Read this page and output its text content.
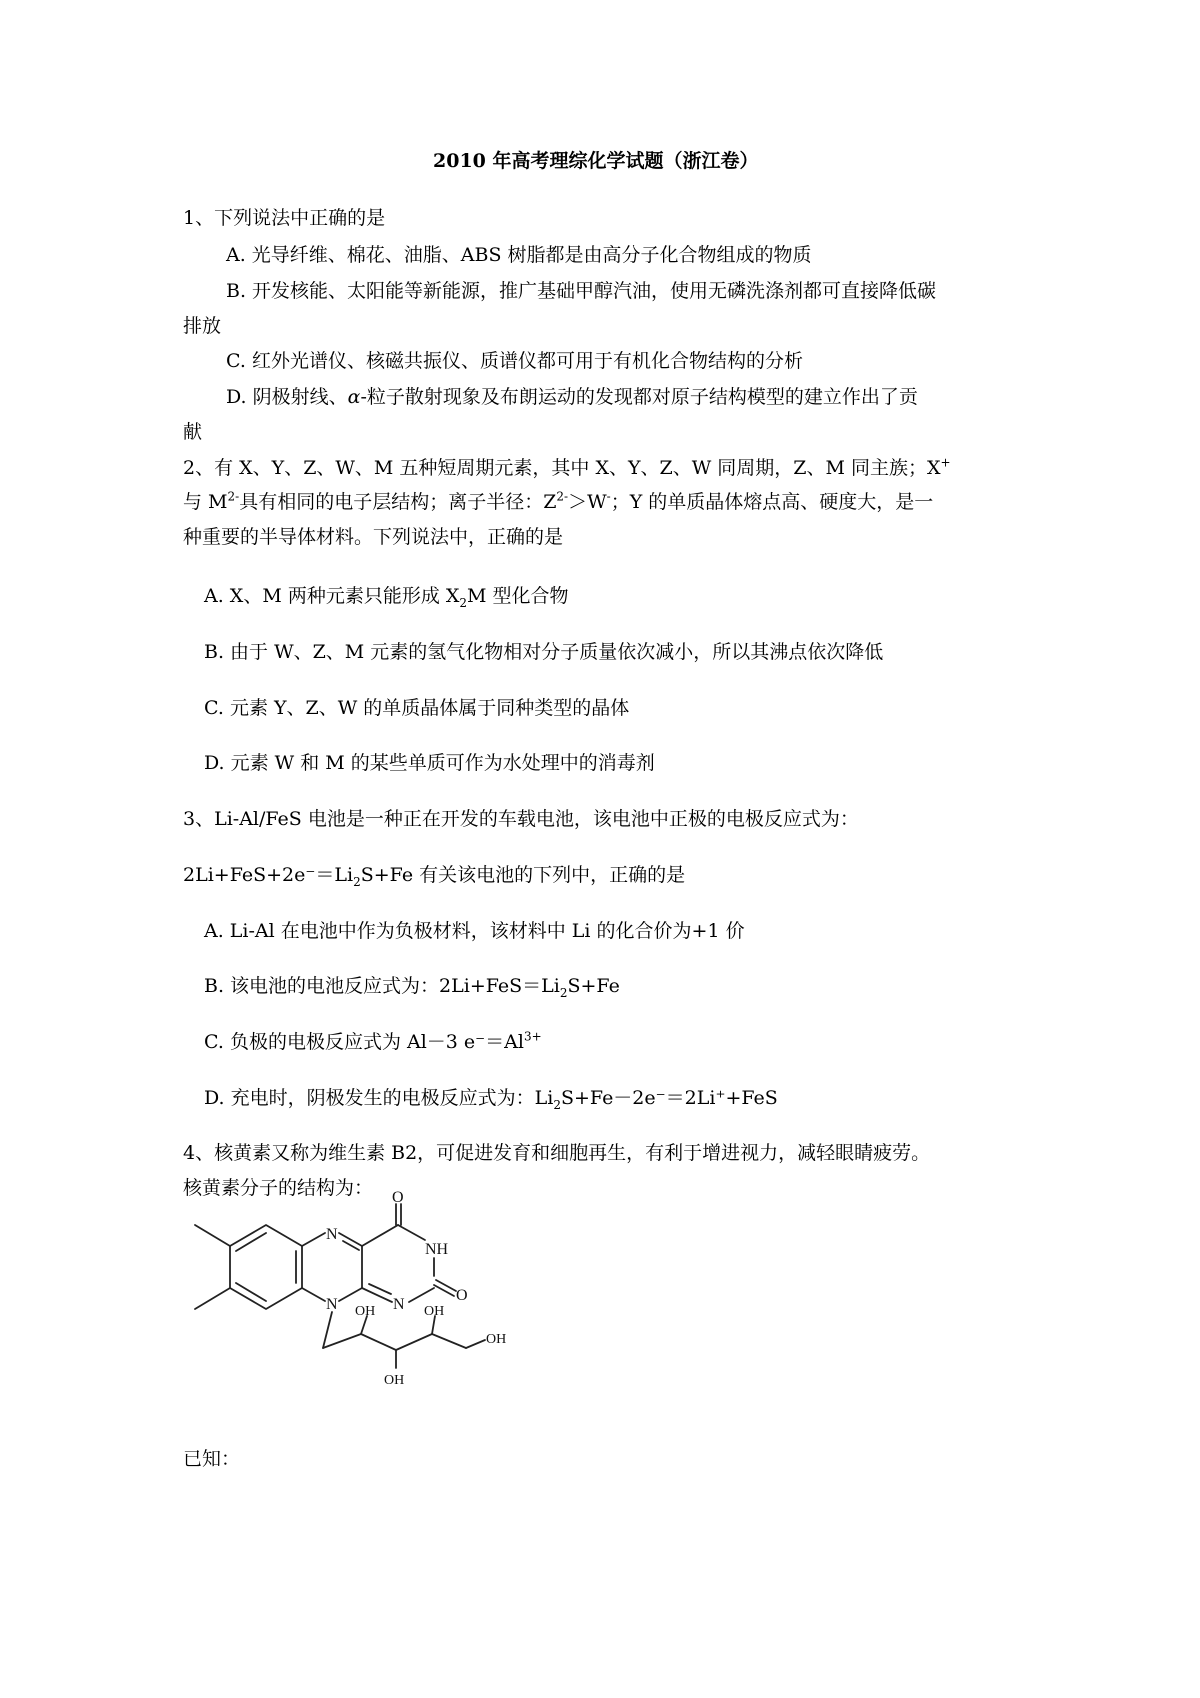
2010 年高考理综化学试题（浙江卷）
1、下列说法中正确的是
A. 光导纤维、棉花、油脂、ABS 树脂都是由高分子化合物组成的物质
B. 开发核能、太阳能等新能源，推广基础甲醇汽油，使用无磷洗涤剂都可直接降低碳
排放
C. 红外光谱仪、核磁共振仪、质谱仪都可用于有机化合物结构的分析
D. 阴极射线、α-粒子散射现象及布朗运动的发现都对原子结构模型的建立作出了贡
献
2、有 X、Y、Z、W、M 五种短周期元素，其中 X、Y、Z、W 同周期，Z、M 同主族；X+
与 $M^{2-}$具有相同的电子层结构；离子半径：$Z^{2-}>W^-$；Y 的单质晶体熔点高、硬度大，是一
种重要的半导体材料。下列说法中，正确的是
A. X、M 两种元素只能形成 $X_2M$ 型化合物
B. 由于 W、Z、M 元素的氢气化物相对分子质量依次减小，所以其沸点依次降低
C. 元素 Y、Z、W 的单质晶体属于同种类型的晶体
D. 元素 W 和 M 的某些单质可作为水处理中的消毒剂
3、Li-Al/FeS 电池是一种正在开发的车载电池，该电池中正极的电极反应式为：
$2Li+FeS+2e^-=Li_2S+Fe$ 有关该电池的下列中，正确的是
A. Li-Al 在电池中作为负极材料，该材料中 Li 的化合价为+1 价
B. 该电池的电池反应式为：$2Li+FeS=Li_2S+Fe$
C. 负极的电极反应式为 Al－3 $e^-=Al^{3+}$
D. 充电时，阴极发生的电极反应式为：$Li_2S+Fe-2e^-=2Li^++FeS$
4、核黄素又称为维生素 B2，可促进发育和细胞再生，有利于增进视力，减轻眼睛疲劳。
核黄素分子的结构为：
N
N	N
NH
O
O
OH	OH
OH
OH
已知：
